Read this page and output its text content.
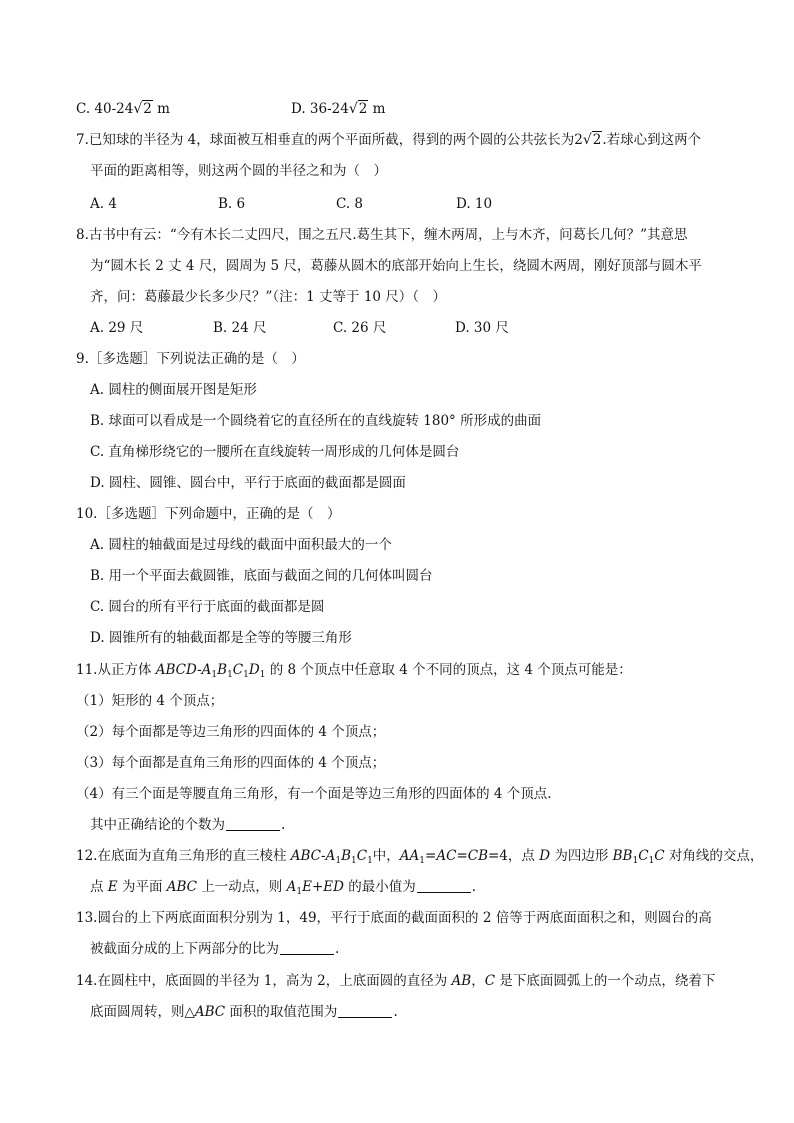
C. 40-24√2 m	D. 36-24√2 m
7.已知球的半径为 4，球面被互相垂直的两个平面所截，得到的两个圆的公共弦长为2√2.若球心到这两个
平面的距离相等，则这两个圆的半径之和为（　）
A. 4	B. 6	C. 8	D. 10
8.古书中有云：“今有木长二丈四尺，围之五尺.葛生其下，缠木两周，上与木齐，问葛长几何？”其意思
为“圆木长 2 丈 4 尺，圆周为 5 尺，葛藤从圆木的底部开始向上生长，绕圆木两周，刚好顶部与圆木平
齐，问：葛藤最少长多少尺？”（注：1 丈等于 10 尺）（　）
A. 29 尺	B. 24 尺	C. 26 尺	D. 30 尺
9.［多选题］下列说法正确的是（　）
A. 圆柱的侧面展开图是矩形
B. 球面可以看成是一个圆绕着它的直径所在的直线旋转 180° 所形成的曲面
C. 直角梯形绕它的一腰所在直线旋转一周形成的几何体是圆台
D. 圆柱、圆锥、圆台中，平行于底面的截面都是圆面
10.［多选题］下列命题中，正确的是（　）
A. 圆柱的轴截面是过母线的截面中面积最大的一个
B. 用一个平面去截圆锥，底面与截面之间的几何体叫圆台
C. 圆台的所有平行于底面的截面都是圆
D. 圆锥所有的轴截面都是全等的等腰三角形
11.从正方体 ABCD-$A_1B_1C_1D_1$ 的 8 个顶点中任意取 4 个不同的顶点，这 4 个顶点可能是：
（1）矩形的 4 个顶点；
（2）每个面都是等边三角形的四面体的 4 个顶点；
（3）每个面都是直角三角形的四面体的 4 个顶点；
（4）有三个面是等腰直角三角形，有一个面是等边三角形的四面体的 4 个顶点.
其中正确结论的个数为	.
12.在底面为直角三角形的直三棱柱 ABC-$A_1B_1C_1$中，$AA_1=AC=CB=4$，点 D 为四边形 $BB_1C_1C$ 对角线的交点，
点 E 为平面 ABC 上一动点，则 $A_1E+ED$ 的最小值为	.
13.圆台的上下两底面面积分别为 1，49，平行于底面的截面面积的 2 倍等于两底面面积之和，则圆台的高
被截面分成的上下两部分的比为	.
14.在圆柱中，底面圆的半径为 1，高为 2，上底面圆的直径为 AB，C 是下底面圆弧上的一个动点，绕着下
底面圆周转，则△ABC 面积的取值范围为	.
